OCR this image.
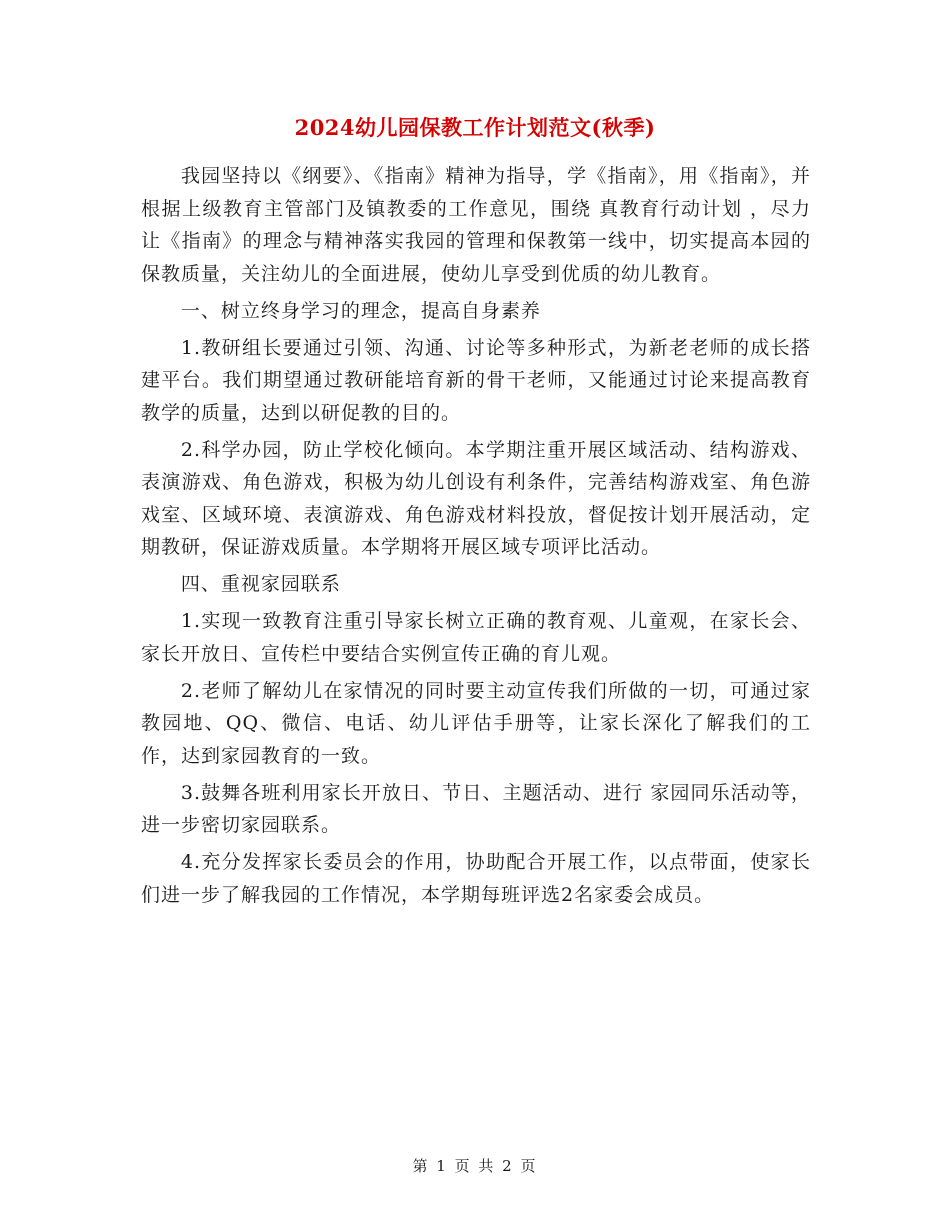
2024幼儿园保教工作计划范文(秋季)

我园坚持以《纲要》、《指南》精神为指导，学《指南》，用《指南》，并根据上级教育主管部门及镇教委的工作意见，围绕 真教育行动计划 ，尽力让《指南》的理念与精神落实我园的管理和保教第一线中，切实提高本园的保教质量，关注幼儿的全面进展，使幼儿享受到优质的幼儿教育。

一、树立终身学习的理念，提高自身素养

1.教研组长要通过引领、沟通、讨论等多种形式，为新老老师的成长搭建平台。我们期望通过教研能培育新的骨干老师，又能通过讨论来提高教育教学的质量，达到以研促教的目的。

2.科学办园，防止学校化倾向。本学期注重开展区域活动、结构游戏、表演游戏、角色游戏，积极为幼儿创设有利条件，完善结构游戏室、角色游戏室、区域环境、表演游戏、角色游戏材料投放，督促按计划开展活动，定期教研，保证游戏质量。本学期将开展区域专项评比活动。

四、重视家园联系

1.实现一致教育注重引导家长树立正确的教育观、儿童观，在家长会、家长开放日、宣传栏中要结合实例宣传正确的育儿观。

2.老师了解幼儿在家情况的同时要主动宣传我们所做的一切，可通过家教园地、QQ、微信、电话、幼儿评估手册等，让家长深化了解我们的工作，达到家园教育的一致。

3.鼓舞各班利用家长开放日、节日、主题活动、进行 家园同乐活动等，进一步密切家园联系。

4.充分发挥家长委员会的作用，协助配合开展工作，以点带面，使家长们进一步了解我园的工作情况，本学期每班评选2名家委会成员。

第 1 页 共 2 页
